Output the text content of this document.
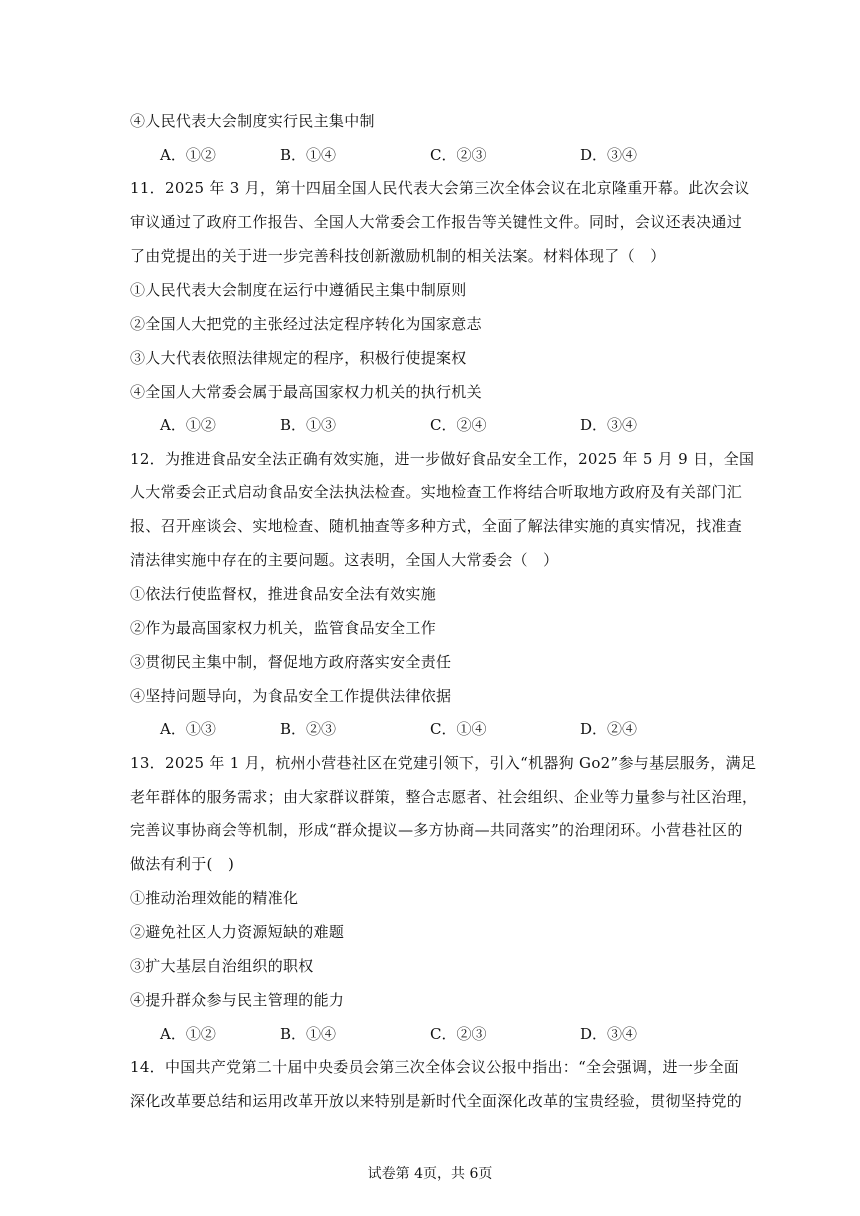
④人民代表大会制度实行民主集中制
A．①②	B．①④	C．②③	D．③④
11．2025 年 3 月，第十四届全国人民代表大会第三次全体会议在北京隆重开幕。此次会议
审议通过了政府工作报告、全国人大常委会工作报告等关键性文件。同时，会议还表决通过
了由党提出的关于进一步完善科技创新激励机制的相关法案。材料体现了（　）
①人民代表大会制度在运行中遵循民主集中制原则
②全国人大把党的主张经过法定程序转化为国家意志
③人大代表依照法律规定的程序，积极行使提案权
④全国人大常委会属于最高国家权力机关的执行机关
A．①②	B．①③	C．②④	D．③④
12．为推进食品安全法正确有效实施，进一步做好食品安全工作，2025 年 5 月 9 日，全国
人大常委会正式启动食品安全法执法检查。实地检查工作将结合听取地方政府及有关部门汇
报、召开座谈会、实地检查、随机抽查等多种方式，全面了解法律实施的真实情况，找准查
清法律实施中存在的主要问题。这表明，全国人大常委会（　）
①依法行使监督权，推进食品安全法有效实施
②作为最高国家权力机关，监管食品安全工作
③贯彻民主集中制，督促地方政府落实安全责任
④坚持问题导向，为食品安全工作提供法律依据
A．①③	B．②③	C．①④	D．②④
13．2025 年 1 月，杭州小营巷社区在党建引领下，引入“机器狗 Go2”参与基层服务，满足
老年群体的服务需求；由大家群议群策，整合志愿者、社会组织、企业等力量参与社区治理，
完善议事协商会等机制，形成“群众提议—多方协商—共同落实”的治理闭环。小营巷社区的
做法有利于(　)
①推动治理效能的精准化
②避免社区人力资源短缺的难题
③扩大基层自治组织的职权
④提升群众参与民主管理的能力
A．①②	B．①④	C．②③	D．③④
14．中国共产党第二十届中央委员会第三次全体会议公报中指出：“全会强调，进一步全面
深化改革要总结和运用改革开放以来特别是新时代全面深化改革的宝贵经验，贯彻坚持党的
试卷第 4页，共 6页
